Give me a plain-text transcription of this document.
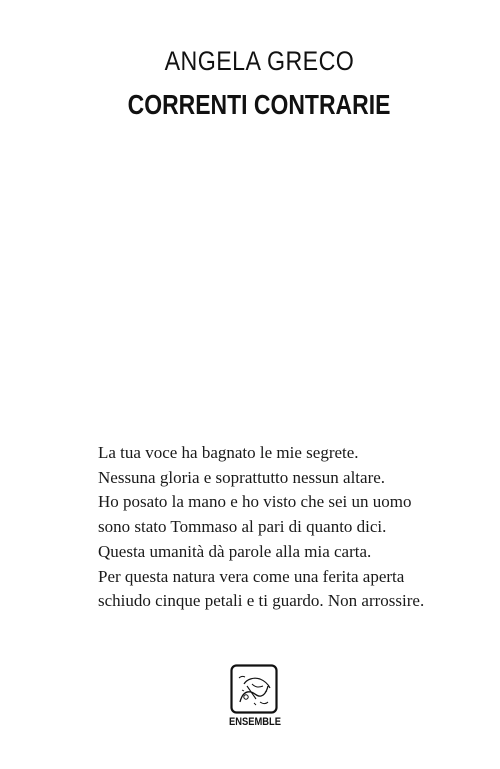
ANGELA GRECO
CORRENTI CONTRARIE
La tua voce ha bagnato le mie segrete.
Nessuna gloria e soprattutto nessun altare.
Ho posato la mano e ho visto che sei un uomo
sono stato Tommaso al pari di quanto dici.
Questa umanità dà parole alla mia carta.
Per questa natura vera come una ferita aperta
schiudo cinque petali e ti guardo. Non arrossire.
ENSEMBLE
